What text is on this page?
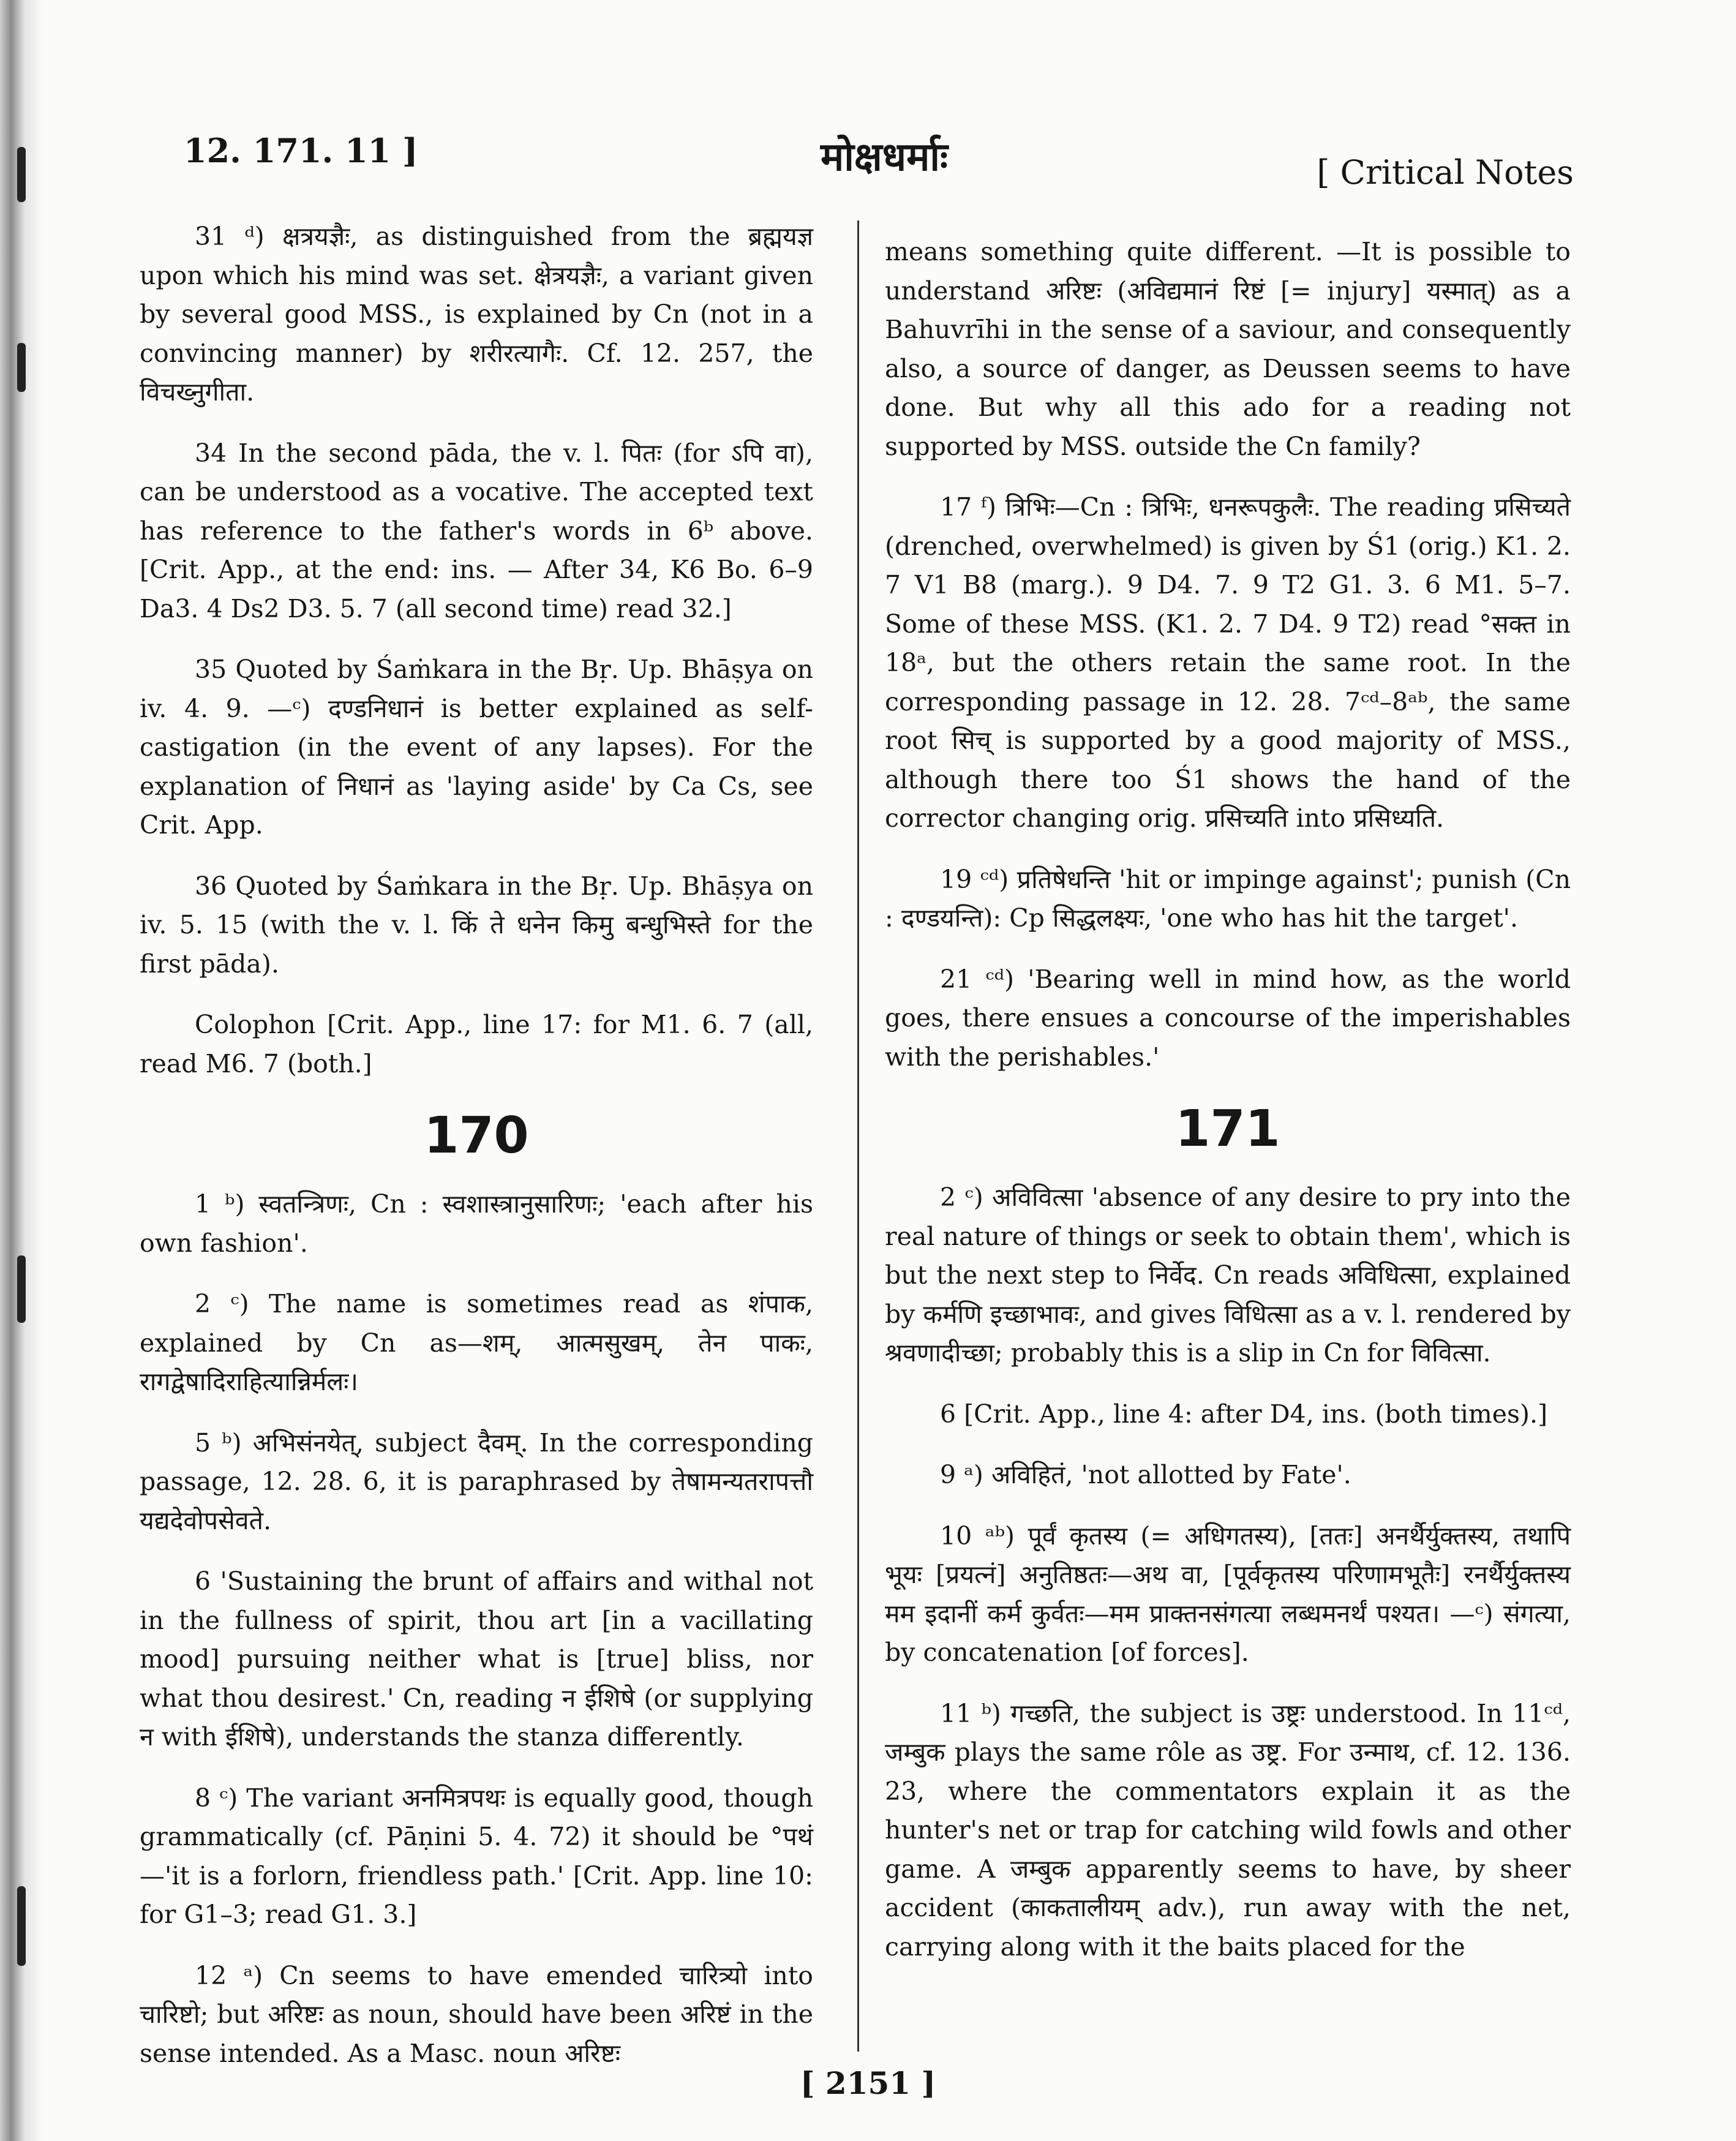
12. 171. 11 ]	मोक्षधर्माः	[ Critical Notes

31 ᵈ) क्षत्रयज्ञैः, as distinguished from the ब्रह्मयज्ञ upon which his mind was set. क्षेत्रयज्ञैः, a variant given by several good MSS., is explained by Cn (not in a convincing manner) by शरीरत्यागैः. Cf. 12. 257, the विचख्नुगीता.

34 In the second pāda, the v. l. पितः (for ऽपि वा), can be understood as a vocative. The accepted text has reference to the father's words in 6ᵇ above. [Crit. App., at the end: ins. — After 34, K6 Bo. 6–9 Da3. 4 Ds2 D3. 5. 7 (all second time) read 32.]

35 Quoted by Śaṁkara in the Bṛ. Up. Bhāṣya on iv. 4. 9. —ᶜ) दण्डनिधानं is better explained as self-castigation (in the event of any lapses). For the explanation of निधानं as 'laying aside' by Ca Cs, see Crit. App.

36 Quoted by Śaṁkara in the Bṛ. Up. Bhāṣya on iv. 5. 15 (with the v. l. किं ते धनेन किमु बन्धुभिस्ते for the first pāda).

Colophon [Crit. App., line 17: for M1. 6. 7 (all, read M6. 7 (both.]

170

1 ᵇ) स्वतन्त्रिणः, Cn : स्वशास्त्रानुसारिणः; 'each after his own fashion'.

2 ᶜ) The name is sometimes read as शंपाक, explained by Cn as—शम्, आत्मसुखम्, तेन पाकः, रागद्वेषादिराहित्यान्निर्मलः।

5 ᵇ) अभिसंनयेत्, subject दैवम्. In the corresponding passage, 12. 28. 6, it is paraphrased by तेषामन्यतरापत्तौ यद्यदेवोपसेवते.

6 'Sustaining the brunt of affairs and withal not in the fullness of spirit, thou art [in a vacillating mood] pursuing neither what is [true] bliss, nor what thou desirest.' Cn, reading न ईशिषे (or supplying न with ईशिषे), understands the stanza differently.

8 ᶜ) The variant अनमित्रपथः is equally good, though grammatically (cf. Pāṇini 5. 4. 72) it should be °पथं—'it is a forlorn, friendless path.' [Crit. App. line 10: for G1–3; read G1. 3.]

12 ᵃ) Cn seems to have emended चारित्र्यो into चारिष्टो; but अरिष्टः as noun, should have been अरिष्टं in the sense intended. As a Masc. noun अरिष्टः

means something quite different. —It is possible to understand अरिष्टः (अविद्यमानं रिष्टं [= injury] यस्मात्) as a Bahuvrīhi in the sense of a saviour, and consequently also, a source of danger, as Deussen seems to have done. But why all this ado for a reading not supported by MSS. outside the Cn family?

17 ᶠ) त्रिभिः—Cn : त्रिभिः, धनरूपकुलैः. The reading प्रसिच्यते (drenched, overwhelmed) is given by Ś1 (orig.) K1. 2. 7 V1 B8 (marg.). 9 D4. 7. 9 T2 G1. 3. 6 M1. 5–7. Some of these MSS. (K1. 2. 7 D4. 9 T2) read °सक्त in 18ᵃ, but the others retain the same root. In the corresponding passage in 12. 28. 7ᶜᵈ–8ᵃᵇ, the same root सिच् is supported by a good majority of MSS., although there too Ś1 shows the hand of the corrector changing orig. प्रसिच्यति into प्रसिध्यति.

19 ᶜᵈ) प्रतिषेधन्ति 'hit or impinge against'; punish (Cn : दण्डयन्ति): Cp सिद्धलक्ष्यः, 'one who has hit the target'.

21 ᶜᵈ) 'Bearing well in mind how, as the world goes, there ensues a concourse of the imperishables with the perishables.'

171

2 ᶜ) अविवित्सा 'absence of any desire to pry into the real nature of things or seek to obtain them', which is but the next step to निर्वेद. Cn reads अविधित्सा, explained by कर्मणि इच्छाभावः, and gives विधित्सा as a v. l. rendered by श्रवणादीच्छा; probably this is a slip in Cn for विवित्सा.

6 [Crit. App., line 4: after D4, ins. (both times).]

9 ᵃ) अविहितं, 'not allotted by Fate'.

10 ᵃᵇ) पूर्वं कृतस्य (= अधिगतस्य), [ततः] अनर्थैर्युक्तस्य, तथापि भूयः [प्रयत्नं] अनुतिष्ठतः—अथ वा, [पूर्वकृतस्य परिणामभूतैः] रनर्थैर्युक्तस्य मम इदानीं कर्म कुर्वतः—मम प्राक्तनसंगत्या लब्धमनर्थं पश्यत। —ᶜ) संगत्या, by concatenation [of forces].

11 ᵇ) गच्छति, the subject is उष्ट्रः understood. In 11ᶜᵈ, जम्बुक plays the same rôle as उष्ट्र. For उन्माथ, cf. 12. 136. 23, where the commentators explain it as the hunter's net or trap for catching wild fowls and other game. A जम्बुक apparently seems to have, by sheer accident (काकतालीयम् adv.), run away with the net, carrying along with it the baits placed for the

[ 2151 ]
